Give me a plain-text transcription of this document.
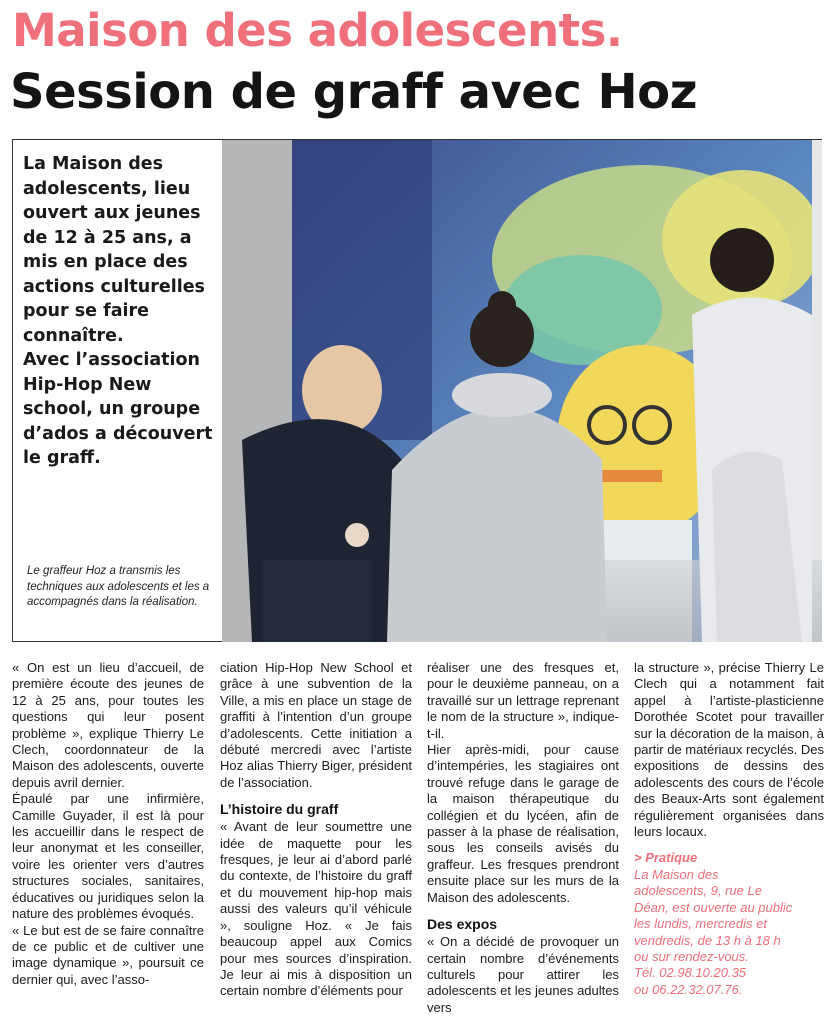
Maison des adolescents.
Session de graff avec Hoz

La Maison des adolescents, lieu ouvert aux jeunes de 12 à 25 ans, a mis en place des actions culturelles pour se faire connaître.

Avec l’association Hip-Hop New school, un groupe d’ados a découvert le graff.

Le graffeur Hoz a transmis les techniques aux adolescents et les a accompagnés dans la réalisation.

« On est un lieu d’accueil, de première écoute des jeunes de 12 à 25 ans, pour toutes les questions qui leur posent problème », explique Thierry Le Clech, coordonnateur de la Maison des adolescents, ouverte depuis avril dernier.

Épaulé par une infirmière, Camille Guyader, il est là pour les accueillir dans le respect de leur anonymat et les conseiller, voire les orienter vers d’autres structures sociales, sanitaires, éducatives ou juridiques selon la nature des problèmes évoqués.

« Le but est de se faire connaître de ce public et de cultiver une image dynamique », poursuit ce dernier qui, avec l’asso-

ciation Hip-Hop New School et grâce à une subvention de la Ville, a mis en place un stage de graffiti à l’intention d’un groupe d’adolescents. Cette initiation a débuté mercredi avec l’artiste Hoz alias Thierry Biger, président de l’association.

L’histoire du graff

« Avant de leur soumettre une idée de maquette pour les fresques, je leur ai d’abord parlé du contexte, de l’histoire du graff et du mouvement hip-hop mais aussi des valeurs qu’il véhicule », souligne Hoz. « Je fais beaucoup appel aux Comics pour mes sources d’inspiration. Je leur ai mis à disposition un certain nombre d’éléments pour

réaliser une des fresques et, pour le deuxième panneau, on a travaillé sur un lettrage reprenant le nom de la structure », indique-t-il.

Hier après-midi, pour cause d’intempéries, les stagiaires ont trouvé refuge dans le garage de la maison thérapeutique du collégien et du lycéen, afin de passer à la phase de réalisation, sous les conseils avisés du graffeur. Les fresques prendront ensuite place sur les murs de la Maison des adolescents.

Des expos

« On a décidé de provoquer un certain nombre d’événements culturels pour attirer les adolescents et les jeunes adultes vers

la structure », précise Thierry Le Clech qui a notamment fait appel à l’artiste-plasticienne Dorothée Scotet pour travailler sur la décoration de la maison, à partir de matériaux recyclés. Des expositions de dessins des adolescents des cours de l’école des Beaux-Arts sont également régulièrement organisées dans leurs locaux.

> Pratique

La Maison des
adolescents, 9, rue Le
Déan, est ouverte au public
les lundis, mercredis et
vendredis, de 13 h à 18 h
ou sur rendez-vous.
Tél. 02.98.10.20.35
ou 06.22.32.07.76.
